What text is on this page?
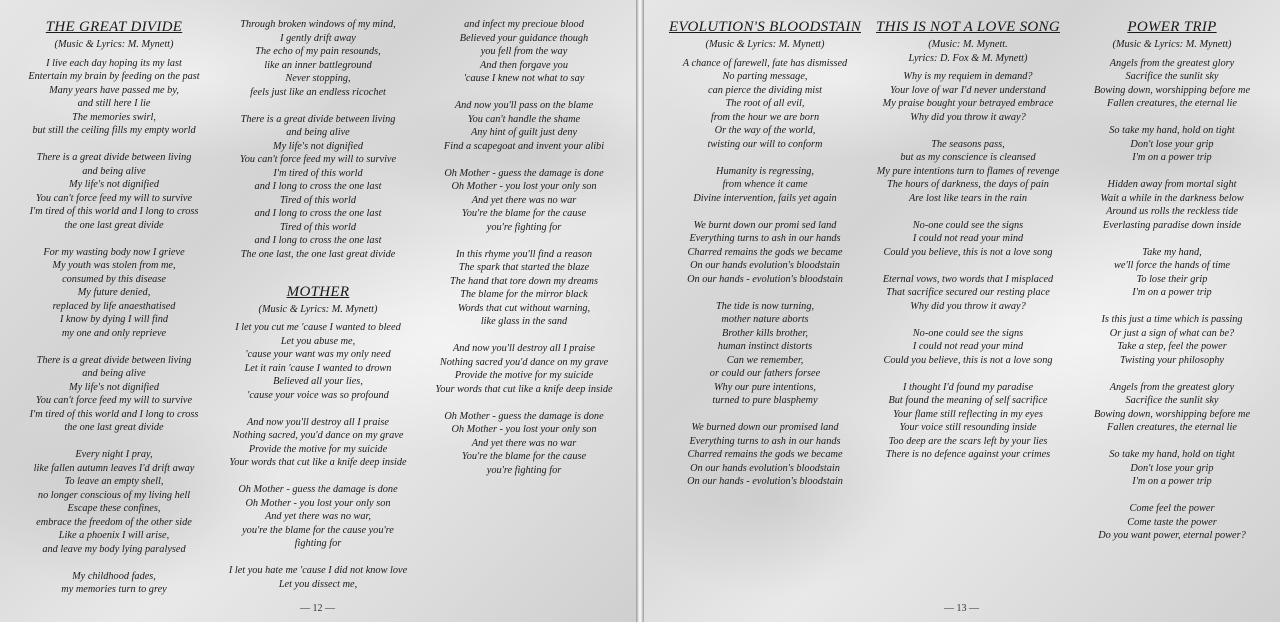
THE GREAT DIVIDE
(Music & Lyrics: M. Mynett)
I live each day hoping its my last
Entertain my brain by feeding on the past
Many years have passed me by,
and still here I lie
The memories swirl,
but still the ceiling fills my empty world
There is a great divide between living
and being alive
My life's not dignified
You can't force feed my will to survive
I'm tired of this world and I long to cross
the one last great divide
For my wasting body now I grieve
My youth was stolen from me,
consumed by this disease
My future denied,
replaced by life anaesthatised
I know by dying I will find
my one and only reprieve
There is a great divide between living
and being alive
My life's not dignified
You can't force feed my will to survive
I'm tired of this world and I long to cross
the one last great divide
Every night I pray,
like fallen autumn leaves I'd drift away
To leave an empty shell,
no longer conscious of my living hell
Escape these confines,
embrace the freedom of the other side
Like a phoenix I will arise,
and leave my body lying paralysed
My childhood fades,
my memories turn to grey
Through broken windows of my mind,
I gently drift away
The echo of my pain resounds,
like an inner battleground
Never stopping,
feels just like an endless ricochet
There is a great divide between living
and being alive
My life's not dignified
You can't force feed my will to survive
I'm tired of this world
and I long to cross the one last
Tired of this world
and I long to cross the one last
Tired of this world
and I long to cross the one last
The one last, the one last great divide
MOTHER
(Music & Lyrics: M. Mynett)
I let you cut me 'cause I wanted to bleed
Let you abuse me,
'cause your want was my only need
Let it rain 'cause I wanted to drown
Believed all your lies,
'cause your voice was so profound
And now you'll destroy all I praise
Nothing sacred, you'd dance on my grave
Provide the motive for my suicide
Your words that cut like a knife deep inside
Oh Mother - guess the damage is done
Oh Mother - you lost your only son
And yet there was no war,
you're the blame for the cause you're
fighting for
I let you hate me 'cause I did not know love
Let you dissect me,
and infect my precioue blood
Believed your guidance though
you fell from the way
And then forgave you
'cause I knew not what to say
And now you'll pass on the blame
You can't handle the shame
Any hint of guilt just deny
Find a scapegoat and invent your alibi
Oh Mother - guess the damage is done
Oh Mother - you lost your only son
And yet there was no war
You're the blame for the cause
you're fighting for
In this rhyme you'll find a reason
The spark that started the blaze
The hand that tore down my dreams
The blame for the mirror black
Words that cut without warning,
like glass in the sand
And now you'll destroy all I praise
Nothing sacred you'd dance on my grave
Provide the motive for my suicide
Your words that cut like a knife deep inside
Oh Mother - guess the damage is done
Oh Mother - you lost your only son
And yet there was no war
You're the blame for the cause
you're fighting for
— 12 —
EVOLUTION'S BLOODSTAIN
(Music & Lyrics: M. Mynett)
A chance of farewell, fate has dismissed
No parting message,
can pierce the dividing mist
The root of all evil,
from the hour we are born
Or the way of the world,
twisting our will to conform
Humanity is regressing,
from whence it came
Divine intervention, fails yet again
We burnt down our promi sed land
Everything turns to ash in our hands
Charred remains the gods we became
On our hands evolution's bloodstain
On our hands - evolution's bloodstain
The tide is now turning,
mother nature aborts
Brother kills brother,
human instinct distorts
Can we remember,
or could our fathers forsee
Why our pure intentions,
turned to pure blasphemy
We burned down our promised land
Everything turns to ash in our hands
Charred remains the gods we became
On our hands evolution's bloodstain
On our hands - evolution's bloodstain
THIS IS NOT A LOVE SONG
(Music: M. Mynett.
Lyrics: D. Fox & M. Mynett)
Why is my requiem in demand?
Your love of war I'd never understand
My praise bought your betrayed embrace
Why did you throw it away?
The seasons pass,
but as my conscience is cleansed
My pure intentions turn to flames of revenge
The hours of darkness, the days of pain
Are lost like tears in the rain
No-one could see the signs
I could not read your mind
Could you believe, this is not a love song
Eternal vows, two words that I misplaced
That sacrifice secured our resting place
Why did you throw it away?
No-one could see the signs
I could not read your mind
Could you believe, this is not a love song
I thought I'd found my paradise
But found the meaning of self sacrifice
Your flame still reflecting in my eyes
Your voice still resounding inside
Too deep are the scars left by your lies
There is no defence against your crimes
POWER TRIP
(Music & Lyrics: M. Mynett)
Angels from the greatest glory
Sacrifice the sunlit sky
Bowing down, worshipping before me
Fallen creatures, the eternal lie
So take my hand, hold on tight
Don't lose your grip
I'm on a power trip
Hidden away from mortal sight
Wait a while in the darkness below
Around us rolls the reckless tide
Everlasting paradise down inside
Take my hand,
we'll force the hands of time
To lose their grip
I'm on a power trip
Is this just a time which is passing
Or just a sign of what can be?
Take a step, feel the power
Twisting your philosophy
Angels from the greatest glory
Sacrifice the sunlit sky
Bowing down, worshipping before me
Fallen creatures, the eternal lie
So take my hand, hold on tight
Don't lose your grip
I'm on a power trip
Come feel the power
Come taste the power
Do you want power, eternal power?
— 13 —
